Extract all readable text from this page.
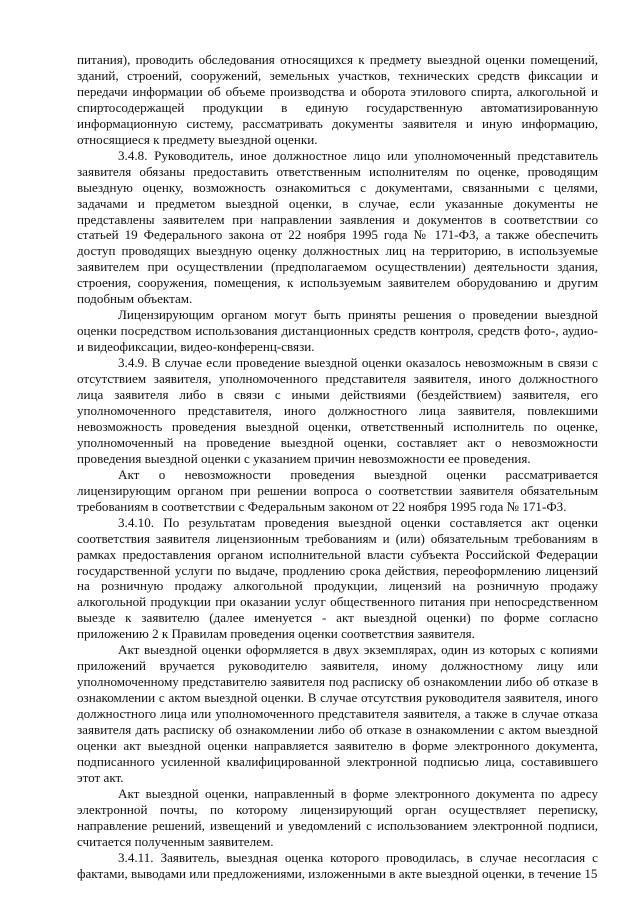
питания), проводить обследования относящихся к предмету выездной оценки помещений, зданий, строений, сооружений, земельных участков, технических средств фиксации и передачи информации об объеме производства и оборота этилового спирта, алкогольной и спиртосодержащей продукции в единую государственную автоматизированную информационную систему, рассматривать документы заявителя и иную информацию, относящиеся к предмету выездной оценки.

3.4.8. Руководитель, иное должностное лицо или уполномоченный представитель заявителя обязаны предоставить ответственным исполнителям по оценке, проводящим выездную оценку, возможность ознакомиться с документами, связанными с целями, задачами и предметом выездной оценки, в случае, если указанные документы не представлены заявителем при направлении заявления и документов в соответствии со статьей 19 Федерального закона от 22 ноября 1995 года № 171-ФЗ, а также обеспечить доступ проводящих выездную оценку должностных лиц на территорию, в используемые заявителем при осуществлении (предполагаемом осуществлении) деятельности здания, строения, сооружения, помещения, к используемым заявителем оборудованию и другим подобным объектам.

Лицензирующим органом могут быть приняты решения о проведении выездной оценки посредством использования дистанционных средств контроля, средств фото-, аудио- и видеофиксации, видео-конференц-связи.

3.4.9. В случае если проведение выездной оценки оказалось невозможным в связи с отсутствием заявителя, уполномоченного представителя заявителя, иного должностного лица заявителя либо в связи с иными действиями (бездействием) заявителя, его уполномоченного представителя, иного должностного лица заявителя, повлекшими невозможность проведения выездной оценки, ответственный исполнитель по оценке, уполномоченный на проведение выездной оценки, составляет акт о невозможности проведения выездной оценки с указанием причин невозможности ее проведения.

Акт о невозможности проведения выездной оценки рассматривается лицензирующим органом при решении вопроса о соответствии заявителя обязательным требованиям в соответствии с Федеральным законом от 22 ноября 1995 года № 171-ФЗ.

3.4.10. По результатам проведения выездной оценки составляется акт оценки соответствия заявителя лицензионным требованиям и (или) обязательным требованиям в рамках предоставления органом исполнительной власти субъекта Российской Федерации государственной услуги по выдаче, продлению срока действия, переоформлению лицензий на розничную продажу алкогольной продукции, лицензий на розничную продажу алкогольной продукции при оказании услуг общественного питания при непосредственном выезде к заявителю (далее именуется - акт выездной оценки) по форме согласно приложению 2 к Правилам проведения оценки соответствия заявителя.

Акт выездной оценки оформляется в двух экземплярах, один из которых с копиями приложений вручается руководителю заявителя, иному должностному лицу или уполномоченному представителю заявителя под расписку об ознакомлении либо об отказе в ознакомлении с актом выездной оценки. В случае отсутствия руководителя заявителя, иного должностного лица или уполномоченного представителя заявителя, а также в случае отказа заявителя дать расписку об ознакомлении либо об отказе в ознакомлении с актом выездной оценки акт выездной оценки направляется заявителю в форме электронного документа, подписанного усиленной квалифицированной электронной подписью лица, составившего этот акт.

Акт выездной оценки, направленный в форме электронного документа по адресу электронной почты, по которому лицензирующий орган осуществляет переписку, направление решений, извещений и уведомлений с использованием электронной подписи, считается полученным заявителем.

3.4.11. Заявитель, выездная оценка которого проводилась, в случае несогласия с фактами, выводами или предложениями, изложенными в акте выездной оценки, в течение 15
